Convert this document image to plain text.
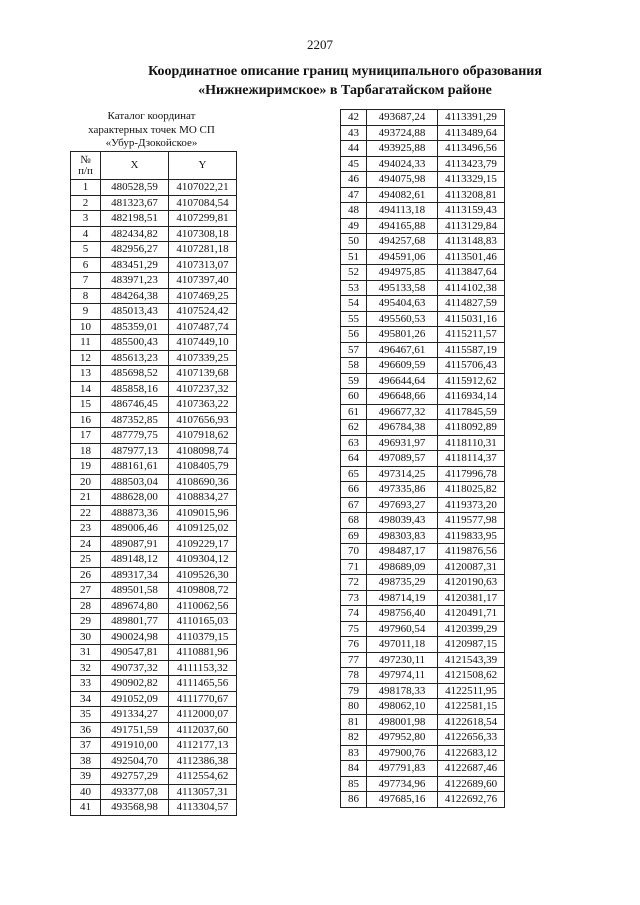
2207
Координатное описание границ муниципального образования
«Нижнежиримское» в Тарбагатайском районе
Каталог координат
характерных точек МО СП
«Убур-Дзокойское»
№
п/п	X	Y
1	480528,59	4107022,21
2	481323,67	4107084,54
3	482198,51	4107299,81
4	482434,82	4107308,18
5	482956,27	4107281,18
6	483451,29	4107313,07
7	483971,23	4107397,40
8	484264,38	4107469,25
9	485013,43	4107524,42
10	485359,01	4107487,74
11	485500,43	4107449,10
12	485613,23	4107339,25
13	485698,52	4107139,68
14	485858,16	4107237,32
15	486746,45	4107363,22
16	487352,85	4107656,93
17	487779,75	4107918,62
18	487977,13	4108098,74
19	488161,61	4108405,79
20	488503,04	4108690,36
21	488628,00	4108834,27
22	488873,36	4109015,96
23	489006,46	4109125,02
24	489087,91	4109229,17
25	489148,12	4109304,12
26	489317,34	4109526,30
27	489501,58	4109808,72
28	489674,80	4110062,56
29	489801,77	4110165,03
30	490024,98	4110379,15
31	490547,81	4110881,96
32	490737,32	4111153,32
33	490902,82	4111465,56
34	491052,09	4111770,67
35	491334,27	4112000,07
36	491751,59	4112037,60
37	491910,00	4112177,13
38	492504,70	4112386,38
39	492757,29	4112554,62
40	493377,08	4113057,31
41	493568,98	4113304,57
42	493687,24	4113391,29
43	493724,88	4113489,64
44	493925,88	4113496,56
45	494024,33	4113423,79
46	494075,98	4113329,15
47	494082,61	4113208,81
48	494113,18	4113159,43
49	494165,88	4113129,84
50	494257,68	4113148,83
51	494591,06	4113501,46
52	494975,85	4113847,64
53	495133,58	4114102,38
54	495404,63	4114827,59
55	495560,53	4115031,16
56	495801,26	4115211,57
57	496467,61	4115587,19
58	496609,59	4115706,43
59	496644,64	4115912,62
60	496648,66	4116934,14
61	496677,32	4117845,59
62	496784,38	4118092,89
63	496931,97	4118110,31
64	497089,57	4118114,37
65	497314,25	4117996,78
66	497335,86	4118025,82
67	497693,27	4119373,20
68	498039,43	4119577,98
69	498303,83	4119833,95
70	498487,17	4119876,56
71	498689,09	4120087,31
72	498735,29	4120190,63
73	498714,19	4120381,17
74	498756,40	4120491,71
75	497960,54	4120399,29
76	497011,18	4120987,15
77	497230,11	4121543,39
78	497974,11	4121508,62
79	498178,33	4122511,95
80	498062,10	4122581,15
81	498001,98	4122618,54
82	497952,80	4122656,33
83	497900,76	4122683,12
84	497791,83	4122687,46
85	497734,96	4122689,60
86	497685,16	4122692,76
